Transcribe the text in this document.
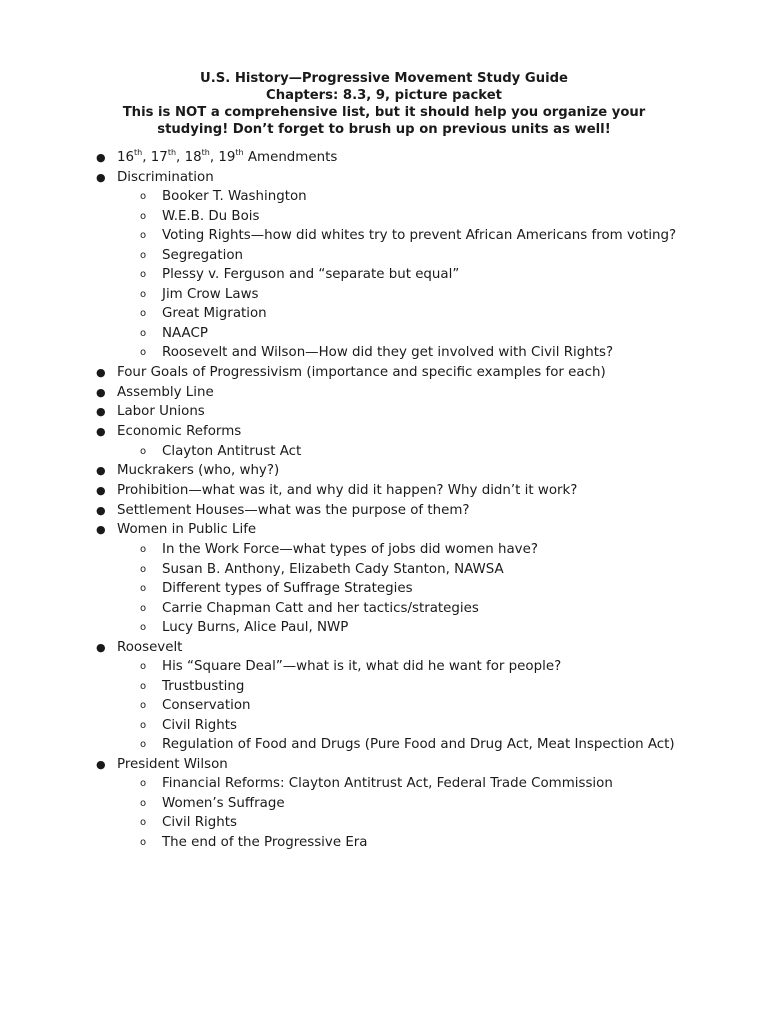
U.S. History—Progressive Movement Study Guide
Chapters: 8.3, 9, picture packet
This is NOT a comprehensive list, but it should help you organize your
studying! Don’t forget to brush up on previous units as well!
● 16th, 17th, 18th, 19th Amendments
● Discrimination
o Booker T. Washington
o W.E.B. Du Bois
o Voting Rights—how did whites try to prevent African Americans from voting?
o Segregation
o Plessy v. Ferguson and “separate but equal”
o Jim Crow Laws
o Great Migration
o NAACP
o Roosevelt and Wilson—How did they get involved with Civil Rights?
● Four Goals of Progressivism (importance and specific examples for each)
● Assembly Line
● Labor Unions
● Economic Reforms
o Clayton Antitrust Act
● Muckrakers (who, why?)
● Prohibition—what was it, and why did it happen? Why didn’t it work?
● Settlement Houses—what was the purpose of them?
● Women in Public Life
o In the Work Force—what types of jobs did women have?
o Susan B. Anthony, Elizabeth Cady Stanton, NAWSA
o Different types of Suffrage Strategies
o Carrie Chapman Catt and her tactics/strategies
o Lucy Burns, Alice Paul, NWP
● Roosevelt
o His “Square Deal”—what is it, what did he want for people?
o Trustbusting
o Conservation
o Civil Rights
o Regulation of Food and Drugs (Pure Food and Drug Act, Meat Inspection Act)
● President Wilson
o Financial Reforms: Clayton Antitrust Act, Federal Trade Commission
o Women’s Suffrage
o Civil Rights
o The end of the Progressive Era
